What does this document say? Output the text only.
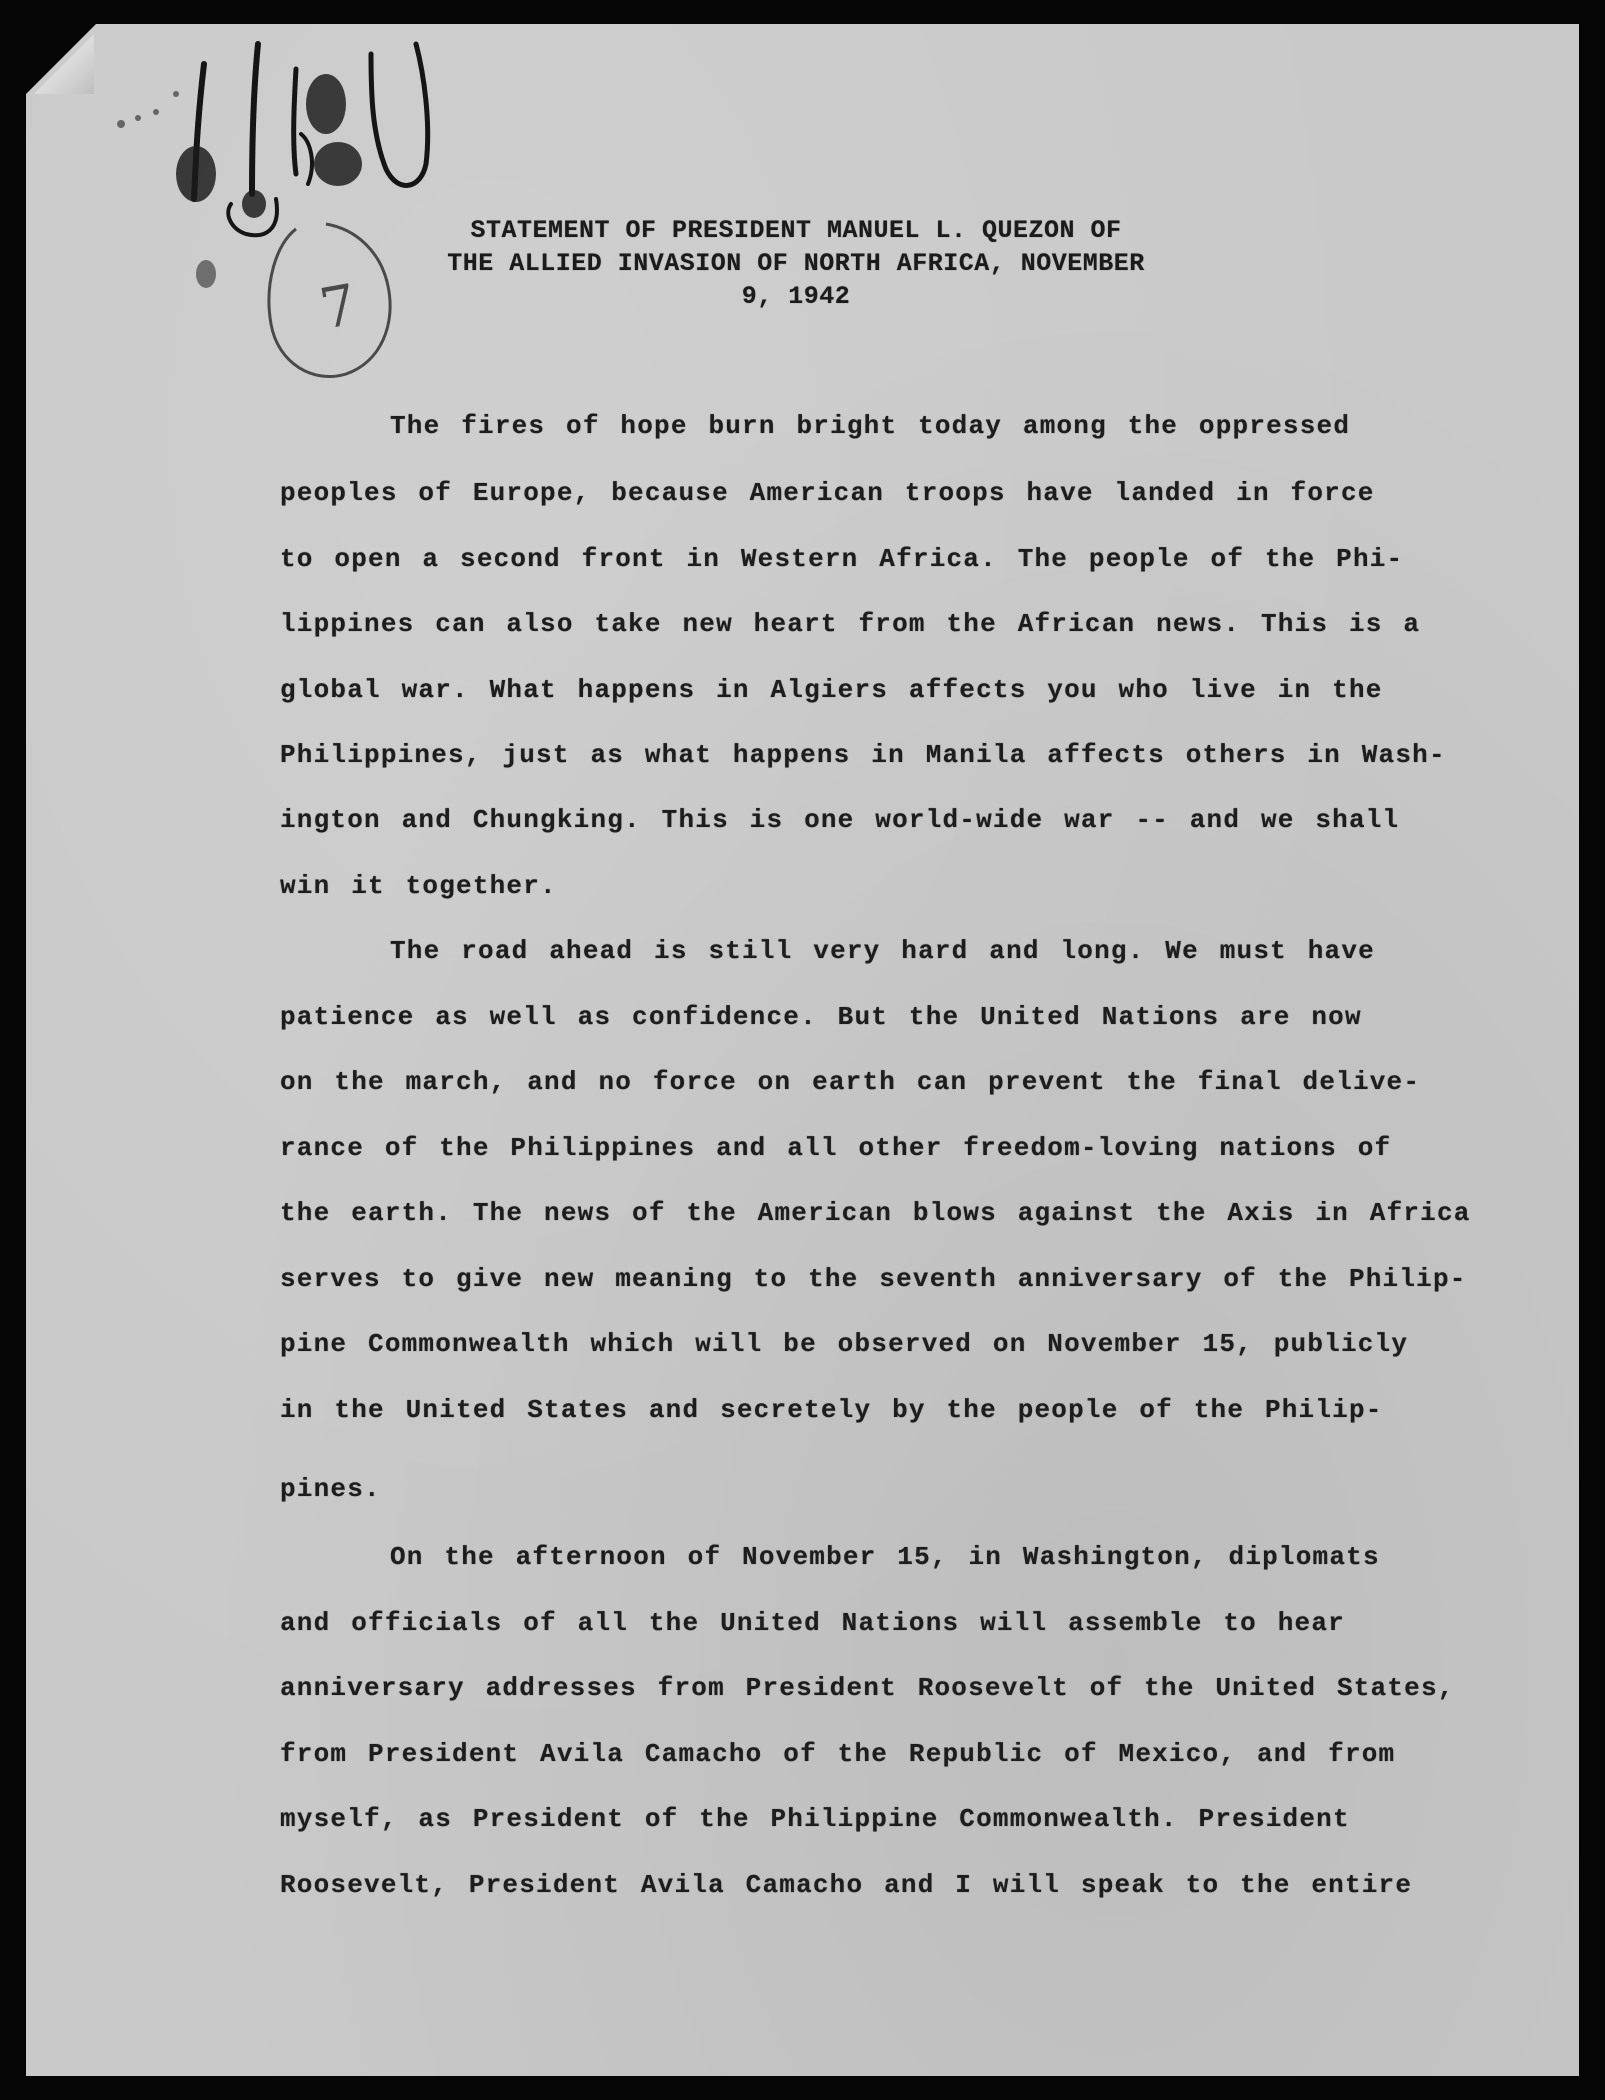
7
STATEMENT OF PRESIDENT MANUEL L. QUEZON OF
THE ALLIED INVASION OF NORTH AFRICA, NOVEMBER
9, 1942
The fires of hope burn bright today among the oppressed
peoples of Europe, because American troops have landed in force
to open a second front in Western Africa. The people of the Phi-
lippines can also take new heart from the African news. This is a
global war. What happens in Algiers affects you who live in the
Philippines, just as what happens in Manila affects others in Wash-
ington and Chungking. This is one world-wide war -- and we shall
win it together.
The road ahead is still very hard and long. We must have
patience as well as confidence. But the United Nations are now
on the march, and no force on earth can prevent the final delive-
rance of the Philippines and all other freedom-loving nations of
the earth. The news of the American blows against the Axis in Africa
serves to give new meaning to the seventh anniversary of the Philip-
pine Commonwealth which will be observed on November 15, publicly
in the United States and secretely by the people of the Philip-
pines.
On the afternoon of November 15, in Washington, diplomats
and officials of all the United Nations will assemble to hear
anniversary addresses from President Roosevelt of the United States,
from President Avila Camacho of the Republic of Mexico, and from
myself, as President of the Philippine Commonwealth. President
Roosevelt, President Avila Camacho and I will speak to the entire
